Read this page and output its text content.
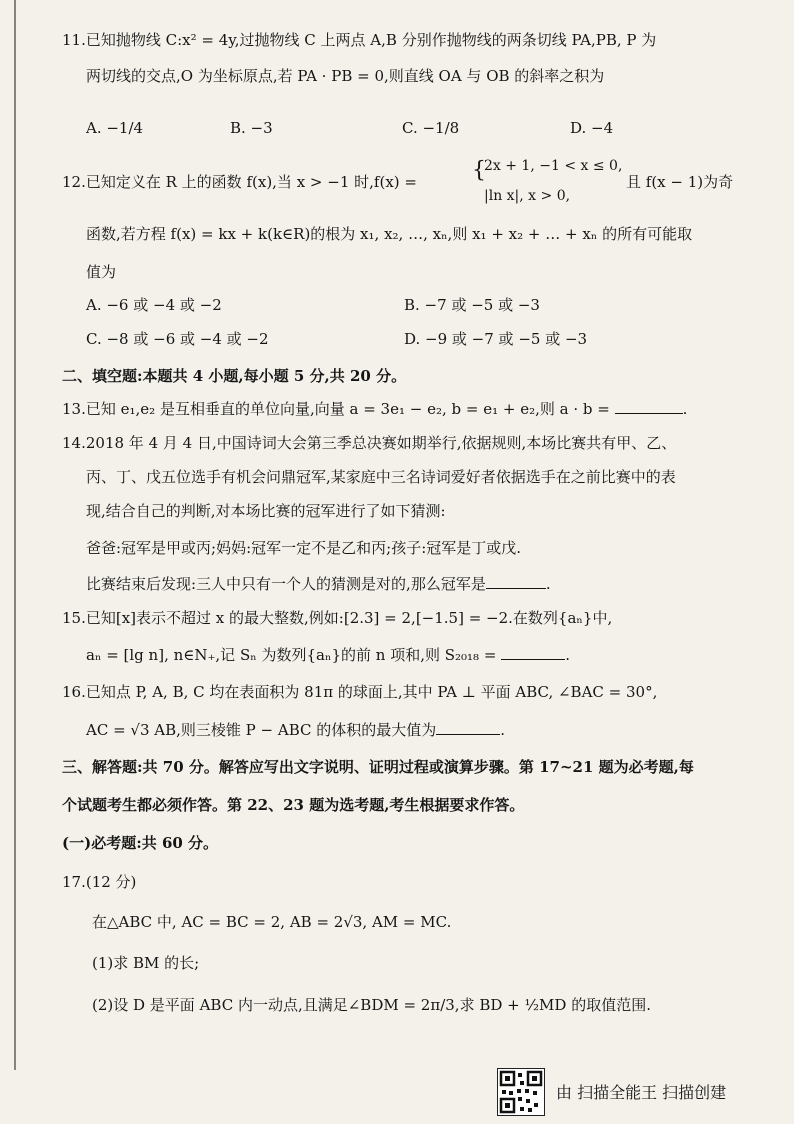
11.已知抛物线 C:x² = 4y,过抛物线 C 上两点 A,B 分别作抛物线的两条切线 PA,PB, P 为
两切线的交点,O 为坐标原点,若 PA · PB = 0,则直线 OA 与 OB 的斜率之积为
A. −1/4	B. −3	C. −1/8	D. −4
12.已知定义在 R 上的函数 f(x),当 x > −1 时,f(x) =	{
2x + 1, −1 < x ≤ 0,
|ln x|, x > 0,
且 f(x − 1)为奇
函数,若方程 f(x) = kx + k(k∈R)的根为 x₁, x₂, …, xₙ,则 x₁ + x₂ + … + xₙ 的所有可能取
值为
A. −6 或 −4 或 −2	B. −7 或 −5 或 −3
C. −8 或 −6 或 −4 或 −2	D. −9 或 −7 或 −5 或 −3
二、填空题:本题共 4 小题,每小题 5 分,共 20 分。
13.已知 e₁,e₂ 是互相垂直的单位向量,向量 a = 3e₁ − e₂, b = e₁ + e₂,则 a · b =	.
14.2018 年 4 月 4 日,中国诗词大会第三季总决赛如期举行,依据规则,本场比赛共有甲、乙、
丙、丁、戊五位选手有机会问鼎冠军,某家庭中三名诗词爱好者依据选手在之前比赛中的表
现,结合自己的判断,对本场比赛的冠军进行了如下猜测:
爸爸:冠军是甲或丙;妈妈:冠军一定不是乙和丙;孩子:冠军是丁或戊.
比赛结束后发现:三人中只有一个人的猜测是对的,那么冠军是	.
15.已知[x]表示不超过 x 的最大整数,例如:[2.3] = 2,[−1.5] = −2.在数列{aₙ}中,
aₙ = [lg n], n∈N₊,记 Sₙ 为数列{aₙ}的前 n 项和,则 S₂₀₁₈ =	.
16.已知点 P, A, B, C 均在表面积为 81π 的球面上,其中 PA ⊥ 平面 ABC, ∠BAC = 30°,
AC = √3 AB,则三棱锥 P − ABC 的体积的最大值为	.
三、解答题:共 70 分。解答应写出文字说明、证明过程或演算步骤。第 17~21 题为必考题,每
个试题考生都必须作答。第 22、23 题为选考题,考生根据要求作答。
(一)必考题:共 60 分。
17.(12 分)
在△ABC 中, AC = BC = 2, AB = 2√3, AM = MC.
(1)求 BM 的长;
(2)设 D 是平面 ABC 内一动点,且满足∠BDM = 2π/3,求 BD + ½MD 的取值范围.
由 扫描全能王 扫描创建
